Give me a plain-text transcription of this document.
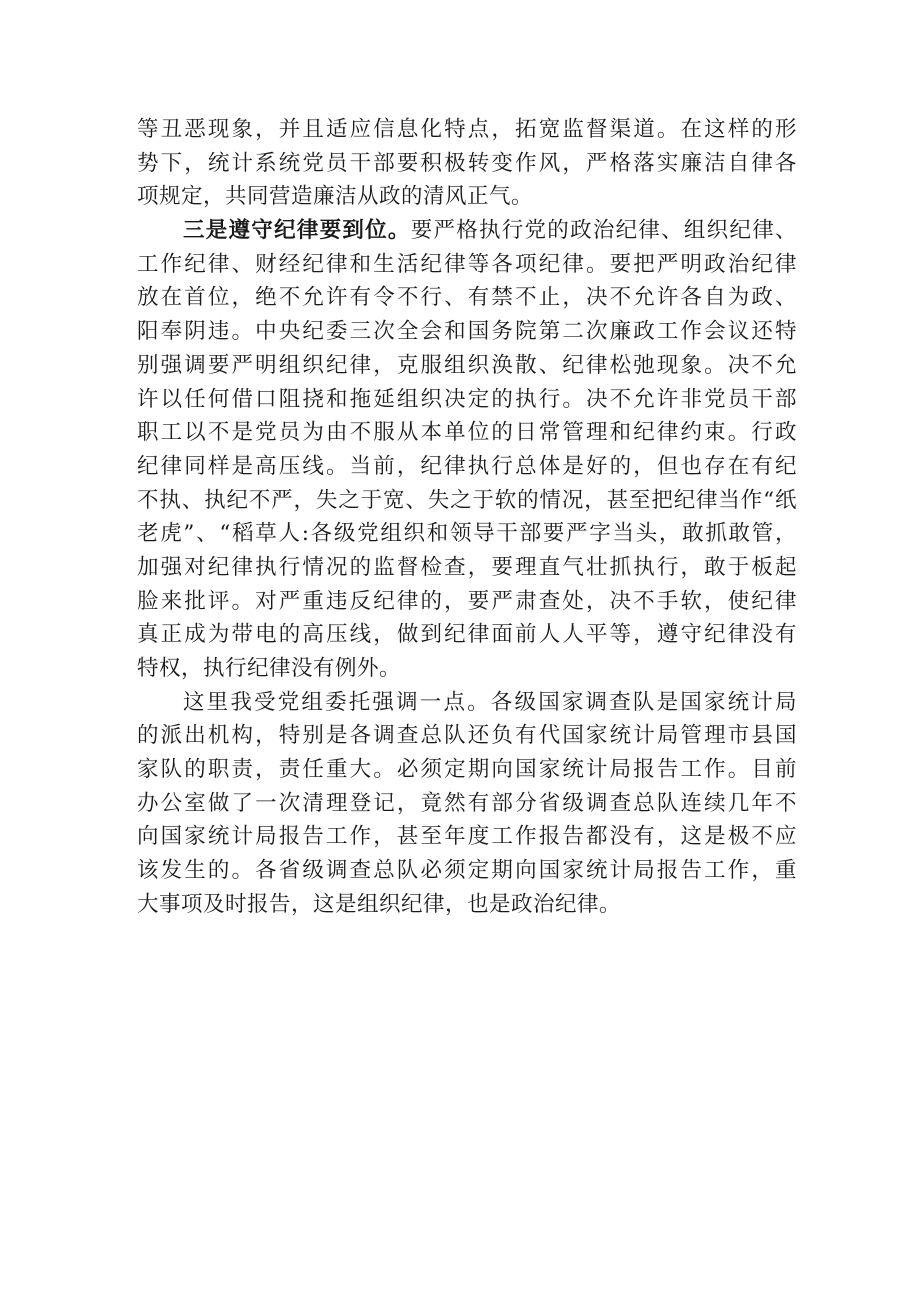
等丑恶现象，并且适应信息化特点，拓宽监督渠道。在这样的形
势下，统计系统党员干部要积极转变作风，严格落实廉洁自律各
项规定，共同营造廉洁从政的清风正气。
三是遵守纪律要到位。要严格执行党的政治纪律、组织纪律、
工作纪律、财经纪律和生活纪律等各项纪律。要把严明政治纪律
放在首位，绝不允许有令不行、有禁不止，决不允许各自为政、
阳奉阴违。中央纪委三次全会和国务院第二次廉政工作会议还特
别强调要严明组织纪律，克服组织涣散、纪律松弛现象。决不允
许以任何借口阻挠和拖延组织决定的执行。决不允许非党员干部
职工以不是党员为由不服从本单位的日常管理和纪律约束。行政
纪律同样是高压线。当前，纪律执行总体是好的，但也存在有纪
不执、执纪不严，失之于宽、失之于软的情况，甚至把纪律当作“纸
老虎”、“稻草人:各级党组织和领导干部要严字当头，敢抓敢管，
加强对纪律执行情况的监督检查，要理直气壮抓执行，敢于板起
脸来批评。对严重违反纪律的，要严肃查处，决不手软，使纪律
真正成为带电的高压线，做到纪律面前人人平等，遵守纪律没有
特权，执行纪律没有例外。
这里我受党组委托强调一点。各级国家调查队是国家统计局
的派出机构，特别是各调查总队还负有代国家统计局管理市县国
家队的职责，责任重大。必须定期向国家统计局报告工作。目前
办公室做了一次清理登记，竟然有部分省级调查总队连续几年不
向国家统计局报告工作，甚至年度工作报告都没有，这是极不应
该发生的。各省级调查总队必须定期向国家统计局报告工作，重
大事项及时报告，这是组织纪律，也是政治纪律。
